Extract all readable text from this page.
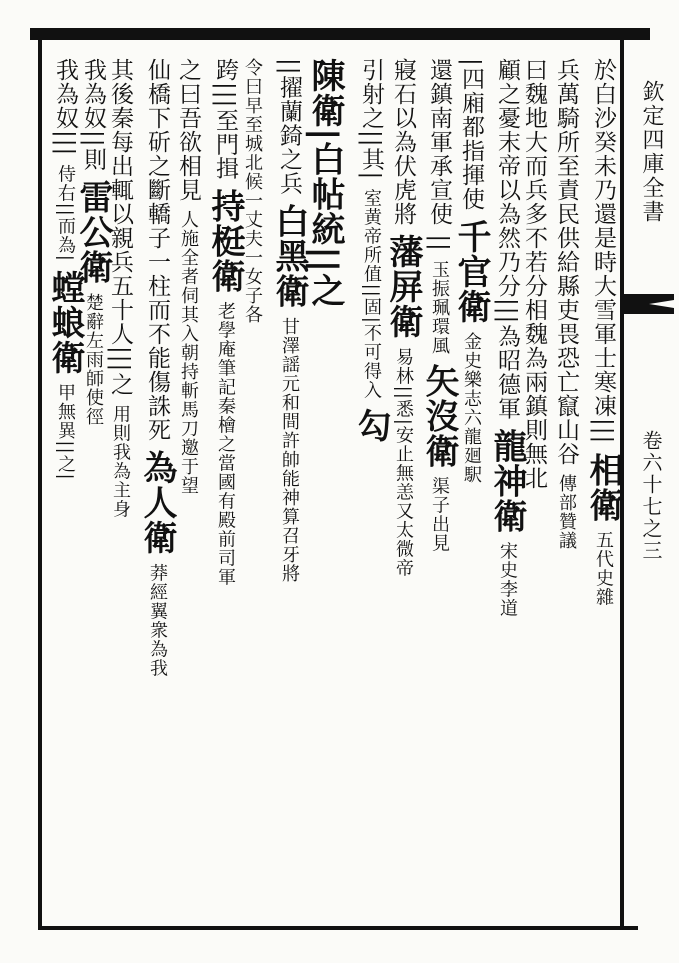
欽定四庫全書
卷六十七之三
於白沙癸未乃還是時大雪軍士寒凍||| 相衛 五代史雜
兵萬騎所至責民供給縣吏畏恐亡竄山谷 傳部贊議
曰魏地大而兵多不若分相魏為兩鎮則無北
顧之憂末帝以為然乃分|||為昭德軍 龍神衛 宋史李道
|四廂都指揮使 千官衛 金史樂志六龍廻駅
還鎮南軍承宣使 || 玉振珮環風 矢沒衛 渠子出見
寢石以為伏虎將 藩屏衛 易林||悉|安止無恙又太微帝
引射之||其| 室黄帝所值||固|不可得入 勾
陳衛|白帖統||之
||擢蘭錡之兵 白黑衛 甘澤謡元和間許帥能神算召牙將
令曰早至城北候一丈夫一女子各
跨|||至門揖 持梃衛 老學庵筆記秦檜之當國有殿前司軍
之曰吾欲相見 人施全者伺其入朝持斬馬刀邀于望
仙橋下斫之斷轎子一柱而不能傷誅死 為人衛 莽經翼衆為我
其後秦每出輒以親兵五十人|||之 用則我為主身
我為奴||則 雷公衛 楚辭左雨師使徑
我為奴||| 侍右||而為| 螳蜋衛 甲無異||之|
